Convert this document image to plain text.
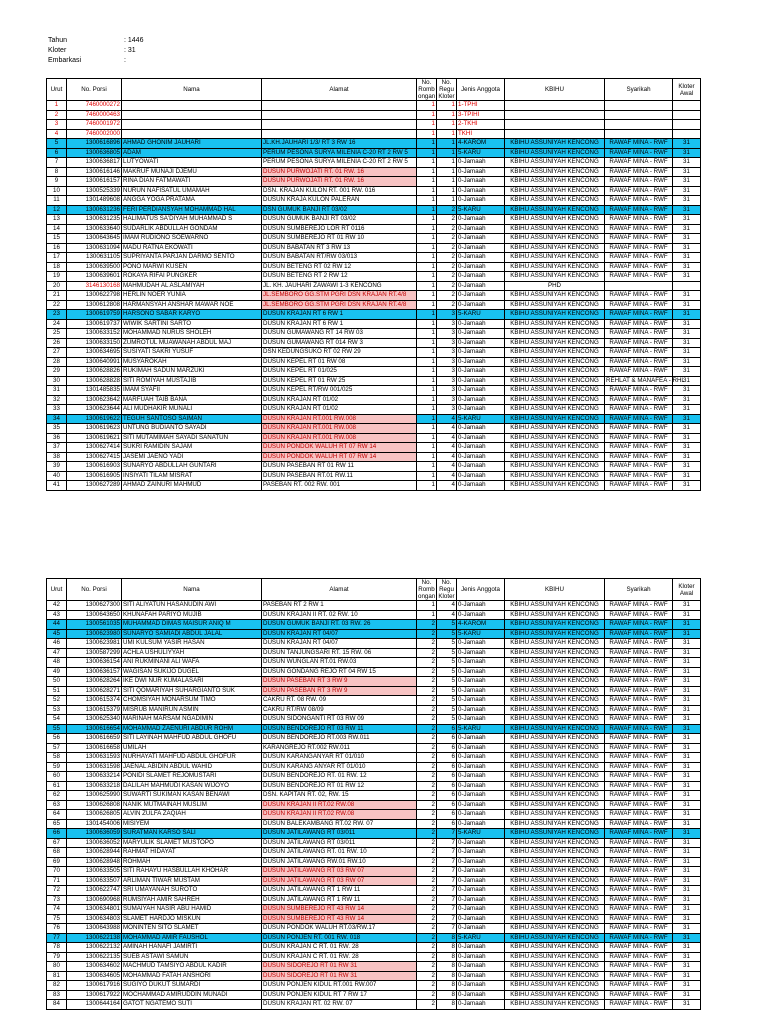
Tahun	: 1446
Kloter	: 31
Embarkasi	:
Urut	No. Porsi	Nama	Alamat	No. Romb ongan	No. Regu Kloter	Jenis Anggota	KBIHU	Syarikah	Kloter Awal
1	7460000272			1	1	1-TPHI			
2	7460000463			1	1	3-TPIHI			
3	7460001972			1	1	2-TKHI			
4	7460002000			1	1	TKHI			
5	1300616896	AHMAD GHONIM JAUHARI	JL.KH.JAUHARI 1/3/ RT 3 RW 16	1	1	4-KAROM	KBIHU ASSUNIYAH KENCONG	RAWAF MINA - RWF	31
6	1300636805	ADAM	PERUM PESONA SURYA MILENIA C-20 RT 2 RW 5	1	1	5-KARU	KBIHU ASSUNIYAH KENCONG	RAWAF MINA - RWF	31
7	1300636817	LUTYOWATI	PERUM PESONA SURYA MILENIA C-20 RT 2 RW 5	1	1	0-Jamaah	KBIHU ASSUNIYAH KENCONG	RAWAF MINA - RWF	31
8	1300616146	MAKRUF MUNAJI DJEMU	DUSUN PURWOJATI RT. 01 RW. 16	1	1	0-Jamaah	KBIHU ASSUNIYAH KENCONG	RAWAF MINA - RWF	31
9	1300616157	RINA DIAN FATMAWATI	DUSUN PURWOJATI RT. 01 RW. 16	1	1	0-Jamaah	KBIHU ASSUNIYAH KENCONG	RAWAF MINA - RWF	31
10	1300525339	NURUN NAFISATUL UMAMAH	DSN. KRAJAN KULON RT. 001 RW. 016	1	1	0-Jamaah	KBIHU ASSUNIYAH KENCONG	RAWAF MINA - RWF	31
11	1301489608	ANGGA YOGA PRATAMA	DUSUN KRAJA KULON PALERAN	1	1	0-Jamaah	KBIHU ASSUNIYAH KENCONG	RAWAF MINA - RWF	31
12	1300631236	FERI PERDIANSYAH MOHAMMAD HAL	DSN GUMUK BANJI RT 03/02	1	2	5-KARU	KBIHU ASSUNIYAH KENCONG	RAWAF MINA - RWF	31
13	1300631235	HALIMATUS SA'DIYAH MUHAMMAD S	DUSUN GUMUK BANJI RT 03/02	1	2	0-Jamaah	KBIHU ASSUNIYAH KENCONG	RAWAF MINA - RWF	31
14	1300633640	SUDARLIK ABDULLAH GONDAM	DUSUN SUMBEREJO LOR RT 0116	1	2	0-Jamaah	KBIHU ASSUNIYAH KENCONG	RAWAF MINA - RWF	31
15	1300643645	IMAM RUDIONO SOEWARNO	DUSUN SUMBEREJO RT 01 RW 10	1	2	0-Jamaah	KBIHU ASSUNIYAH KENCONG	RAWAF MINA - RWF	31
16	1300631094	MADU RATNA EKOWATI	DUSUN BABATAN RT 3 RW 13	1	2	0-Jamaah	KBIHU ASSUNIYAH KENCONG	RAWAF MINA - RWF	31
17	1300631105	SUPRIYANTA PARJAN DARMO SENTO	DUSUN BABATAN RT/RW 03/013	1	2	0-Jamaah	KBIHU ASSUNIYAH KENCONG	RAWAF MINA - RWF	31
18	1300639500	PONO MARWI KUSEN	DUSUN BETENG RT 02 RW 12	1	2	0-Jamaah	KBIHU ASSUNIYAH KENCONG	RAWAF MINA - RWF	31
19	1300639601	ROKAYA RIFAI PUNGKER	DUSUN BETENG RT 2 RW 12	1	2	0-Jamaah	KBIHU ASSUNIYAH KENCONG	RAWAF MINA - RWF	31
20	3146130168	MAHMUDAH AL ASLAMIYAH	JL. KH. JAUHARI ZAWAWI 1-3 KENCONG	1	2	0-Jamaah	PHD		
21	1300622798	HERLIN NOER YUNIA	JL.SEMBORO GG.STM PGRI DSN KRAJAN RT.4/8	1	2	0-Jamaah	KBIHU ASSUNIYAH KENCONG	RAWAF MINA - RWF	31
22	1300612808	HARMANSYAH ANSHAR MAWAR NOE	JL.SEMBORO GG.STM PGRI DSN KRAJAN RT.4/8	1	2	0-Jamaah	KBIHU ASSUNIYAH KENCONG	RAWAF MINA - RWF	31
23	1300619759	HARSONO SABAR KARYO	DUSUN KRAJAN RT 6 RW 1	1	3	5-KARU	KBIHU ASSUNIYAH KENCONG	RAWAF MINA - RWF	31
24	1300619737	WIWIK SARTINI SARTO	DUSUN KRAJAN RT 6 RW 1	1	3	0-Jamaah	KBIHU ASSUNIYAH KENCONG	RAWAF MINA - RWF	31
25	1300633152	MOHAMMAD NURUS SHOLEH	DUSUN GUMAWANG RT 14 RW 03	1	3	0-Jamaah	KBIHU ASSUNIYAH KENCONG	RAWAF MINA - RWF	31
26	1300633150	ZUMROTUL MUAWANAH ABDUL MAJ	DUSUN GUMAWANG RT 014 RW 3	1	3	0-Jamaah	KBIHU ASSUNIYAH KENCONG	RAWAF MINA - RWF	31
27	1300634695	SUSIYATI SAKRI YUSUF	DSN KEDUNGSUKO RT 02 RW 29	1	3	0-Jamaah	KBIHU ASSUNIYAH KENCONG	RAWAF MINA - RWF	31
28	1300640991	MUSYAROKAH	DUSUN KEPEL RT 01 RW 08	1	3	0-Jamaah	KBIHU ASSUNIYAH KENCONG	RAWAF MINA - RWF	31
29	1300628826	RUKIMAH SADUN MARZUKI	DUSUN KEPEL RT 01/025	1	3	0-Jamaah	KBIHU ASSUNIYAH KENCONG	RAWAF MINA - RWF	31
30	1300628828	SITI ROMIYAH MUSTAJIB	DUSUN KEPEL RT 01 RW 25	1	3	0-Jamaah	KBIHU ASSUNIYAH KENCONG	REHLAT & MANAFEA - RHL	31
31	1301485835	IMAM SYAFII	DUSUN KEPEL RT/RW 001/025	1	3	0-Jamaah	KBIHU ASSUNIYAH KENCONG	RAWAF MINA - RWF	31
32	1300623642	MARFUAH TAIB BANA	DUSUN KRAJAN RT 01/02	1	3	0-Jamaah	KBIHU ASSUNIYAH KENCONG	RAWAF MINA - RWF	31
33	1300623644	ALI MUDHAKIR MUNALI	DUSUN KRAJAN RT 01/02	1	3	0-Jamaah	KBIHU ASSUNIYAH KENCONG	RAWAF MINA - RWF	31
34	1300619622	TEGUH SANTOSO SAIMAN	DUSUN KRAJAN RT.001 RW.008	1	4	5-KARU	KBIHU ASSUNIYAH KENCONG	RAWAF MINA - RWF	31
35	1300619623	UNTUNG BUDIANTO SAYADI	DUSUN KRAJAN RT.001 RW.008	1	4	0-Jamaah	KBIHU ASSUNIYAH KENCONG	RAWAF MINA - RWF	31
36	1300619621	SITI MUTAMIMAH SAYADI SANATUN	DUSUN KRAJAN RT.001 RW.008	1	4	0-Jamaah	KBIHU ASSUNIYAH KENCONG	RAWAF MINA - RWF	31
37	1300627414	SUKRI RAMIDIN SAJAM	DUSUN PONDOK WALUH RT 07 RW 14	1	4	0-Jamaah	KBIHU ASSUNIYAH KENCONG	RAWAF MINA - RWF	31
38	1300627415	JASEMI JAENO YADI	DUSUN PONDOK WALUH RT 07 RW 14	1	4	0-Jamaah	KBIHU ASSUNIYAH KENCONG	RAWAF MINA - RWF	31
39	1300616903	SUNARYO ABDULLAH GUNTARI	DUSUN PASEBAN RT 01 RW 11	1	4	0-Jamaah	KBIHU ASSUNIYAH KENCONG	RAWAF MINA - RWF	31
40	1300616905	INSIYATI TILAM MISRAT	DUSUN PASEBAN RT.01 RW.11	1	4	0-Jamaah	KBIHU ASSUNIYAH KENCONG	RAWAF MINA - RWF	31
41	1300627289	AHMAD ZAINURI MAHMUD	PASEBAN RT. 002 RW. 001	1	4	0-Jamaah	KBIHU ASSUNIYAH KENCONG	RAWAF MINA - RWF	31
Urut	No. Porsi	Nama	Alamat	No. Romb ongan	No. Regu Kloter	Jenis Anggota	KBIHU	Syarikah	Kloter Awal
42	1300627300	SITI ALIYATUN HASANUDIN AWI	PASEBAN RT 2 RW 1	1	4	0-Jamaah	KBIHU ASSUNIYAH KENCONG	RAWAF MINA - RWF	31
43	1300643650	KHUNAFAH PARIYO MUJIB	DUSUN KRAJAN II RT. 02 RW. 10	1	4	0-Jamaah	KBIHU ASSUNIYAH KENCONG	RAWAF MINA - RWF	31
44	1300561035	MUHAMMAD DIMAS MAISUR ANIQ M	DUSUN GUMUK BANJI RT. 03 RW. 26	2	5	4-KAROM	KBIHU ASSUNIYAH KENCONG	RAWAF MINA - RWF	31
45	1300623980	SUNARYO SAMIADI ABDUL JALAL	DUSUN KRAJAN RT 04/07	2	5	5-KARU	KBIHU ASSUNIYAH KENCONG	RAWAF MINA - RWF	31
46	1300623981	UMI KULSUM YASIR HASAN	DUSUN KRAJAN RT 04/07	2	5	0-Jamaah	KBIHU ASSUNIYAH KENCONG	RAWAF MINA - RWF	31
47	1300587299	ACHLA USHULIYYAH	DUSUN TANJUNGSARI RT. 15 RW. 06	2	5	0-Jamaah	KBIHU ASSUNIYAH KENCONG	RAWAF MINA - RWF	31
48	1300636154	ANI RUKMINANI ALI WAFA	DUSUN WUNGLAN RT.01 RW.03	2	5	0-Jamaah	KBIHU ASSUNIYAH KENCONG	RAWAF MINA - RWF	31
49	1300636157	WAGISAN SUKIJO DUGEL	DUSUN GONDANG REJO RT 04 RW 15	2	5	0-Jamaah	KBIHU ASSUNIYAH KENCONG	RAWAF MINA - RWF	31
50	1300628264	IKE DWI NUR KUMALASARI	DUSUN PASEBAN RT 3 RW 9	2	5	0-Jamaah	KBIHU ASSUNIYAH KENCONG	RAWAF MINA - RWF	31
51	1300628271	SITI QOMARIYAH SUHARGIANTO SUK	DUSUN PASEBAN RT 3 RW 9	2	5	0-Jamaah	KBIHU ASSUNIYAH KENCONG	RAWAF MINA - RWF	31
52	1300615374	CHOMSIYAH MONARSUM TIMO	CAKRU RT. 08 RW. 09	2	5	0-Jamaah	KBIHU ASSUNIYAH KENCONG	RAWAF MINA - RWF	31
53	1300615379	MISRUB MANIRUN ASMIN	CAKRU RT/RW 08/09	2	5	0-Jamaah	KBIHU ASSUNIYAH KENCONG	RAWAF MINA - RWF	31
54	1300625340	MARINAH MARSAM NGADIMIN	DUSUN SIDONGANTI RT 03 RW 09	2	5	0-Jamaah	KBIHU ASSUNIYAH KENCONG	RAWAF MINA - RWF	31
55	1300616654	MOHAMMAD ZAENURI ABDUR ROHM	DUSUN BENDOREJO RT 03 RW 11	2	6	5-KARU	KBIHU ASSUNIYAH KENCONG	RAWAF MINA - RWF	31
56	1300616659	SITI LAYINAH MAHFUD ABDUL GHOFU	DUSUN BENDOREJO RT.003 RW.011	2	6	0-Jamaah	KBIHU ASSUNIYAH KENCONG	RAWAF MINA - RWF	31
57	1300616658	UMILAH	KARANGREJO RT.002 RW.011	2	6	0-Jamaah	KBIHU ASSUNIYAH KENCONG	RAWAF MINA - RWF	31
58	1300631593	NURHAYATI MAHFUD ABDUL GHOFUR	DUSUN KARANGANYAR RT 01/010	2	6	0-Jamaah	KBIHU ASSUNIYAH KENCONG	RAWAF MINA - RWF	31
59	1300631598	JAENAL ABIDIN ABDUL WAHID	DUSUN KARANG ANYAR RT 01/010	2	6	0-Jamaah	KBIHU ASSUNIYAH KENCONG	RAWAF MINA - RWF	31
60	1300633214	PONIDI SLAMET REJOMUSTARI	DUSUN BENDOREJO RT. 01 RW. 12	2	6	0-Jamaah	KBIHU ASSUNIYAH KENCONG	RAWAF MINA - RWF	31
61	1300633218	DALILAH MAHMUDI KASAN WIJOYO	DUSUN BENDOREJO RT 01 RW 12	2	6	0-Jamaah	KBIHU ASSUNIYAH KENCONG	RAWAF MINA - RWF	31
62	1300625990	SUWARTI SUKIMAN KASAN BENAWI	DSN. KAPITAN RT. 02, RW. 15	2	6	0-Jamaah	KBIHU ASSUNIYAH KENCONG	RAWAF MINA - RWF	31
63	1300626808	NANIK MUTMAINAH MUSLIM	DUSUN KRAJAN II RT.02 RW.08	2	6	0-Jamaah	KBIHU ASSUNIYAH KENCONG	RAWAF MINA - RWF	31
64	1300626805	ALVIN ZULFA ZAQIAH	DUSUN KRAJAN II RT.02 RW.08	2	6	0-Jamaah	KBIHU ASSUNIYAH KENCONG	RAWAF MINA - RWF	31
65	1301454006	MISIYEM	DUSUN BALEKAMBANG RT.02 RW. 07	2	6	0-Jamaah	KBIHU ASSUNIYAH KENCONG	RAWAF MINA - RWF	31
66	1300636059	SURATMAN KARSO SALI	DUSUN JATILAWANG RT 03/011	2	7	5-KARU	KBIHU ASSUNIYAH KENCONG	RAWAF MINA - RWF	31
67	1300636052	MARYULIK SLAMET MUSTOPO	DUSUN JATILAWANG RT 03/011	2	7	0-Jamaah	KBIHU ASSUNIYAH KENCONG	RAWAF MINA - RWF	31
68	1300628944	RAHMAT HIDAYAT	DUSUN JATILAWANG RT. 01 RW. 10	2	7	0-Jamaah	KBIHU ASSUNIYAH KENCONG	RAWAF MINA - RWF	31
69	1300628948	ROHMAH	DUSUN JATILAWANG RW.01 RW.10	2	7	0-Jamaah	KBIHU ASSUNIYAH KENCONG	RAWAF MINA - RWF	31
70	1300633505	SITI RAHAYU HASBULLAH KHOHAR	DUSUN JATILAWANG RT 03 RW 07	2	7	0-Jamaah	KBIHU ASSUNIYAH KENCONG	RAWAF MINA - RWF	31
71	1300633507	ARLIMAN TIWAR MUSTAM	DUSUN JATILAWANG RT 03 RW 07	2	7	0-Jamaah	KBIHU ASSUNIYAH KENCONG	RAWAF MINA - RWF	31
72	1300622747	SRI UMAYANAH SUROTO	DUSUN JATILAWANG RT 1 RW 11	2	7	0-Jamaah	KBIHU ASSUNIYAH KENCONG	RAWAF MINA - RWF	31
73	1300690968	RUMSIYAH AMIR SAHREH	DUSUN JATILAWANG RT 1 RW 11	2	7	0-Jamaah	KBIHU ASSUNIYAH KENCONG	RAWAF MINA - RWF	31
74	1300634801	SUMAIYAH NASIR ABU HAMID	DUSUN SUMBEREJO RT 43 RW 14	2	7	0-Jamaah	KBIHU ASSUNIYAH KENCONG	RAWAF MINA - RWF	31
75	1300634803	SLAMET HARDJO MISKUN	DUSUN SUMBEREJO RT 43 RW 14	2	7	0-Jamaah	KBIHU ASSUNIYAH KENCONG	RAWAF MINA - RWF	31
76	1300643988	MONINTEN SITO SLAMET	DUSUN PONDOK WALUH RT.03/RW.17	2	7	0-Jamaah	KBIHU ASSUNIYAH KENCONG	RAWAF MINA - RWF	31
77	1300622138	MOHAMMAD AMIR FAUSHOL	DUSUN PONJEN RT. 001 RW. 018	2	8	5-KARU	KBIHU ASSUNIYAH KENCONG	RAWAF MINA - RWF	31
78	1300622132	AMINAH HANAFI JAMIRTI	DUSUN KRAJAN C RT. 01 RW. 28	2	8	0-Jamaah	KBIHU ASSUNIYAH KENCONG	RAWAF MINA - RWF	31
79	1300622135	SUEB ASTAWI SAMUN	DUSUN KRAJAN C RT. 01 RW. 28	2	8	0-Jamaah	KBIHU ASSUNIYAH KENCONG	RAWAF MINA - RWF	31
80	1300634602	MACHMUD TAMSIYO ABDUL KADIR	DUSUN SIDOREJO RT 01 RW 31	2	8	0-Jamaah	KBIHU ASSUNIYAH KENCONG	RAWAF MINA - RWF	31
81	1300634605	MOHAMMAD FATAH ANSHORI	DUSUN SIDOREJO RT 01 RW 31	2	8	0-Jamaah	KBIHU ASSUNIYAH KENCONG	RAWAF MINA - RWF	31
82	1300617916	SUGIYO DUKUT SUMARDI	DUSUN PONJEN KIDUL RT.001 RW.007	2	8	0-Jamaah	KBIHU ASSUNIYAH KENCONG	RAWAF MINA - RWF	31
83	1300617922	MOCHAMMAD AMIRUDDIN MUNADI	DUSUN PONJEN KIDUL RT 7 RW 17	2	8	0-Jamaah	KBIHU ASSUNIYAH KENCONG	RAWAF MINA - RWF	31
84	1300644164	GATOT NGATEMO SUTI	DUSUN KRAJAN RT. 02 RW. 07	2	8	0-Jamaah	KBIHU ASSUNIYAH KENCONG	RAWAF MINA - RWF	31
